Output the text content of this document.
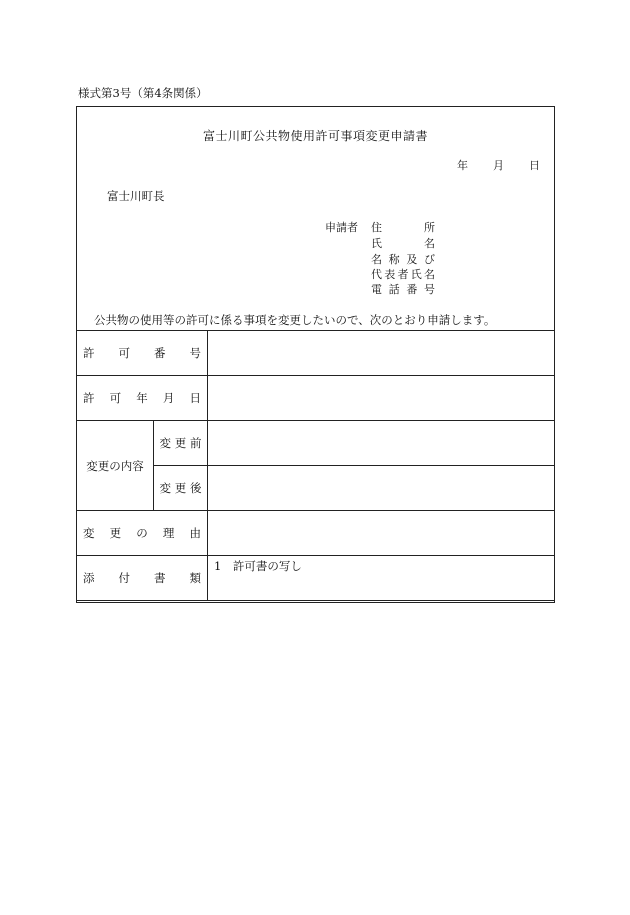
様式第3号（第4条関係）
富士川町公共物使用許可事項変更申請書
年 月 日
富士川町長
申請者 住　所
氏　名
名称及び
代表者氏名
電話番号
公共物の使用等の許可に係る事項を変更したいので、次のとおり申請します。
許可番号		

許可年月日		

変更の内容	変更前	

	変更後	

変更の理由		

添付書類		1　許可書の写し
